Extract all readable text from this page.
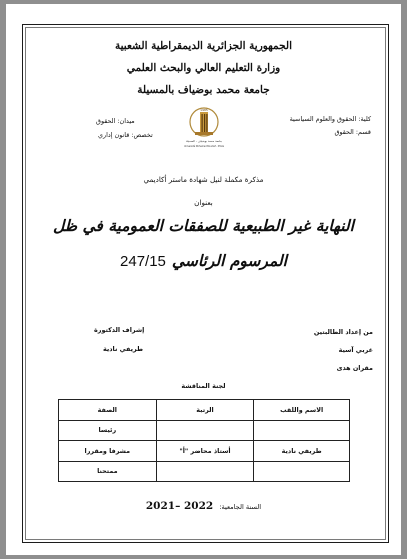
الجمهورية الجزائرية الديمقراطية الشعبية
وزارة التعليم العالي والبحث العلمي
جامعة محمد بوضياف بالمسيلة
كلية: الحقوق والعلوم السياسية
قسم: الحقوق
ميدان: الحقوق
تخصص: قانون إداري
1985
جامعة محمد بوضياف - المسيلة
Université Mohamed Boudiaf - M'sila
مذكرة مكملة لنيل شهادة ماستر أكاديمي
بعنوان
النهاية غير الطبيعية للصفقات العمومية في ظل
المرسوم الرئاسي247/15
من إعداد الطالبتين
غربي آسية
مقران هدى
إشراف الدكتورة
طريفي نادية
لجنة المناقشة
الاسم واللقب	الرتبة	الصفة
		رئيسا
طريفي نادية	أستاذ محاضر "أ"	مشرفا ومقررا
		ممتحنا
السنة الجامعية:2021– 2022
